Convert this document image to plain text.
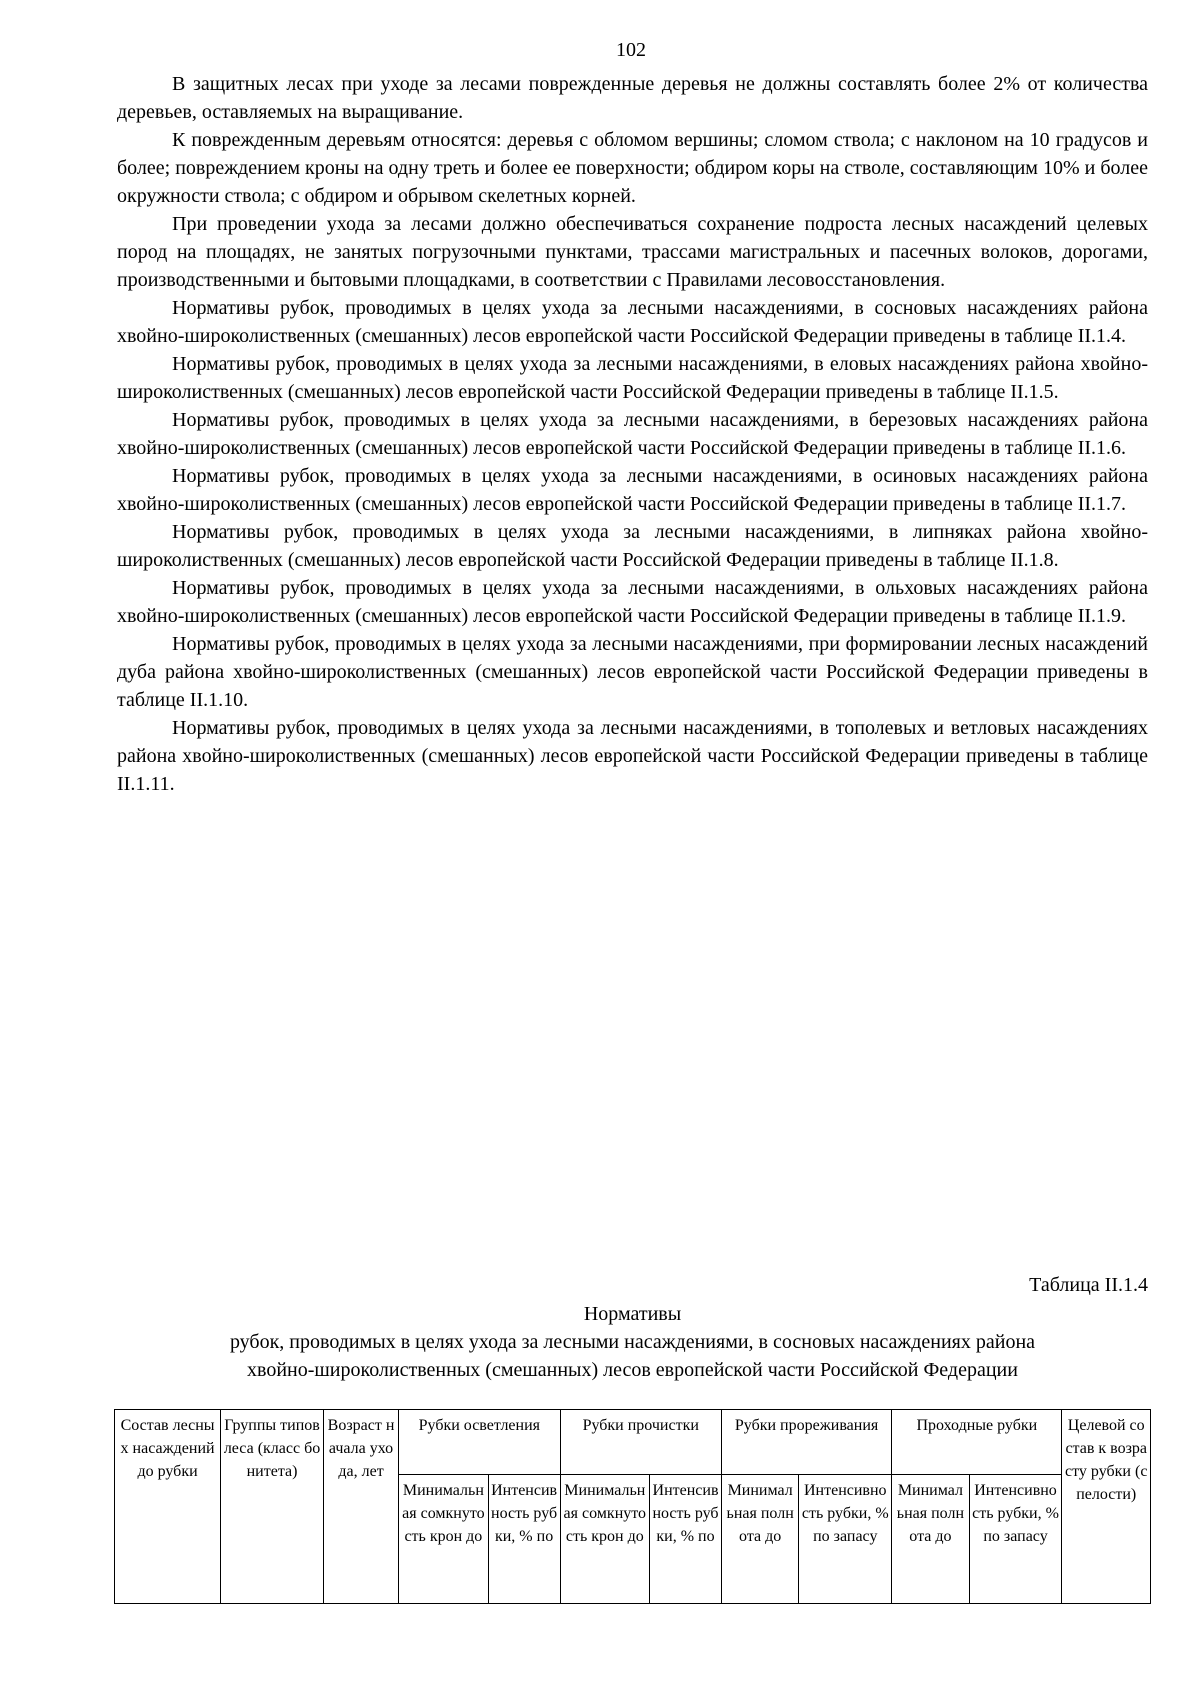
102

В защитных лесах при уходе за лесами поврежденные деревья не должны составлять более 2% от количества деревьев, оставляемых на выращивание.

К поврежденным деревьям относятся: деревья с обломом вершины; сломом ствола; с наклоном на 10 градусов и более; повреждением кроны на одну треть и более ее поверхности; обдиром коры на стволе, составляющим 10% и более окружности ствола; с обдиром и обрывом скелетных корней.

При проведении ухода за лесами должно обеспечиваться сохранение подроста лесных насаждений целевых пород на площадях, не занятых погрузочными пунктами, трассами магистральных и пасечных волоков, дорогами, производственными и бытовыми площадками, в соответствии с Правилами лесовосстановления.

Нормативы рубок, проводимых в целях ухода за лесными насаждениями, в сосновых насаждениях района хвойно-широколиственных (смешанных) лесов европейской части Российской Федерации приведены в таблице II.1.4.

Нормативы рубок, проводимых в целях ухода за лесными насаждениями, в еловых насаждениях района хвойно-широколиственных (смешанных) лесов европейской части Российской Федерации приведены в таблице II.1.5.

Нормативы рубок, проводимых в целях ухода за лесными насаждениями, в березовых насаждениях района хвойно-широколиственных (смешанных) лесов европейской части Российской Федерации приведены в таблице II.1.6.

Нормативы рубок, проводимых в целях ухода за лесными насаждениями, в осиновых насаждениях района хвойно-широколиственных (смешанных) лесов европейской части Российской Федерации приведены в таблице II.1.7.

Нормативы рубок, проводимых в целях ухода за лесными насаждениями, в липняках района хвойно-широколиственных (смешанных) лесов европейской части Российской Федерации приведены в таблице II.1.8.

Нормативы рубок, проводимых в целях ухода за лесными насаждениями, в ольховых насаждениях района хвойно-широколиственных (смешанных) лесов европейской части Российской Федерации приведены в таблице II.1.9.

Нормативы рубок, проводимых в целях ухода за лесными насаждениями, при формировании лесных насаждений дуба района хвойно-широколиственных (смешанных) лесов европейской части Российской Федерации приведены в таблице II.1.10.

Нормативы рубок, проводимых в целях ухода за лесными насаждениями, в тополевых и ветловых насаждениях района хвойно-широколиственных (смешанных) лесов европейской части Российской Федерации приведены в таблице II.1.11.

Таблица II.1.4
Нормативы
рубок, проводимых в целях ухода за лесными насаждениями, в сосновых насаждениях района
хвойно-широколиственных (смешанных) лесов европейской части Российской Федерации
Состав лесных насаждений до рубки	Группы типов леса (класс бонитета)	Возраст начала ухода, лет	Рубки осветления		Рубки прочистки		Рубки прореживания		Проходные рубки		Целевой состав к возрасту рубки (спелости)
			Минимальная сомкнутость крон до	Интенсивность рубки, % по	Минимальная сомкнутость крон до	Интенсивность рубки, % по	Минимальная полнота до	Интенсивность рубки, % по запасу	Минимальная полнота до	Интенсивность рубки, % по запасу	
